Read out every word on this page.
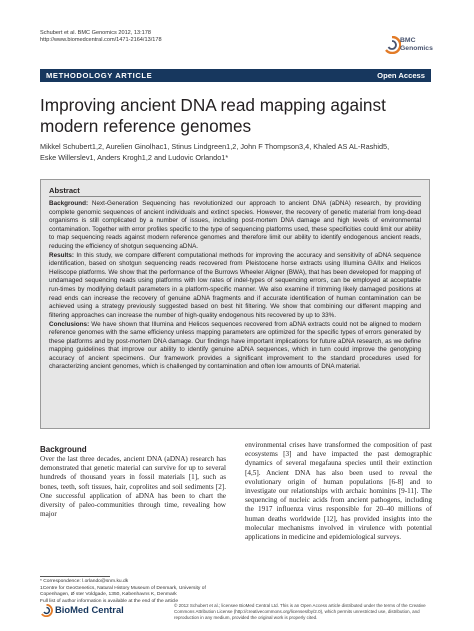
Schubert et al. BMC Genomics 2012, 13:178
http://www.biomedcentral.com/1471-2164/13/178	BMC
Genomics
METHODOLOGY ARTICLE	Open Access
Improving ancient DNA read mapping against
modern reference genomes
Mikkel Schubert1,2, Aurelien Ginolhac1, Stinus Lindgreen1,2, John F Thompson3,4, Khaled AS AL-Rashid5,
Eske Willerslev1, Anders Krogh1,2 and Ludovic Orlando1*
Abstract

Background: Next-Generation Sequencing has revolutionized our approach to ancient DNA (aDNA) research, by providing complete genomic sequences of ancient individuals and extinct species. However, the recovery of genetic material from long-dead organisms is still complicated by a number of issues, including post-mortem DNA damage and high levels of environmental contamination. Together with error profiles specific to the type of sequencing platforms used, these specificities could limit our ability to map sequencing reads against modern reference genomes and therefore limit our ability to identify endogenous ancient reads, reducing the efficiency of shotgun sequencing aDNA.

Results: In this study, we compare different computational methods for improving the accuracy and sensitivity of aDNA sequence identification, based on shotgun sequencing reads recovered from Pleistocene horse extracts using Illumina GAIIx and Helicos Heliscope platforms. We show that the performance of the Burrows Wheeler Aligner (BWA), that has been developed for mapping of undamaged sequencing reads using platforms with low rates of indel-types of sequencing errors, can be employed at acceptable run-times by modifying default parameters in a platform-specific manner. We also examine if trimming likely damaged positions at read ends can increase the recovery of genuine aDNA fragments and if accurate identification of human contamination can be achieved using a strategy previously suggested based on best hit filtering. We show that combining our different mapping and filtering approaches can increase the number of high-quality endogenous hits recovered by up to 33%.

Conclusions: We have shown that Illumina and Helicos sequences recovered from aDNA extracts could not be aligned to modern reference genomes with the same efficiency unless mapping parameters are optimized for the specific types of errors generated by these platforms and by post-mortem DNA damage. Our findings have important implications for future aDNA research, as we define mapping guidelines that improve our ability to identify genuine aDNA sequences, which in turn could improve the genotyping accuracy of ancient specimens. Our framework provides a significant improvement to the standard procedures used for characterizing ancient genomes, which is challenged by contamination and often low amounts of DNA material.

Background
Over the last three decades, ancient DNA (aDNA) research has demonstrated that genetic material can survive for up to several hundreds of thousand years in fossil materials [1], such as bones, teeth, soft tissues, hair, coprolites and soil sediments [2]. One successful application of aDNA has been to chart the diversity of paleo-communities through time, revealing how major
environmental crises have transformed the composition of past ecosystems [3] and have impacted the past demographic dynamics of several megafauna species until their extinction [4,5]. Ancient DNA has also been used to reveal the evolutionary origin of human populations [6-8] and to investigate our relationships with archaic hominins [9-11]. The sequencing of nucleic acids from ancient pathogens, including the 1917 influenza virus responsible for 20–40 millions of human deaths worldwide [12], has provided insights into the molecular mechanisms involved in virulence with potential applications in medicine and epidemiological surveys.
* Correspondence: l.orlando@snm.ku.dk
1Centre for GeoGenetics, Natural History Museum of Denmark, University of Copenhagen, Ø ster Voldgade, 1350, Københavns K, Denmark
Full list of author information is available at the end of the article
BioMed Central	© 2012 Schubert et al.; licensee BioMed Central Ltd. This is an Open Access article distributed under the terms of the Creative Commons Attribution License (http://creativecommons.org/licenses/by/2.0), which permits unrestricted use, distribution, and reproduction in any medium, provided the original work is properly cited.
